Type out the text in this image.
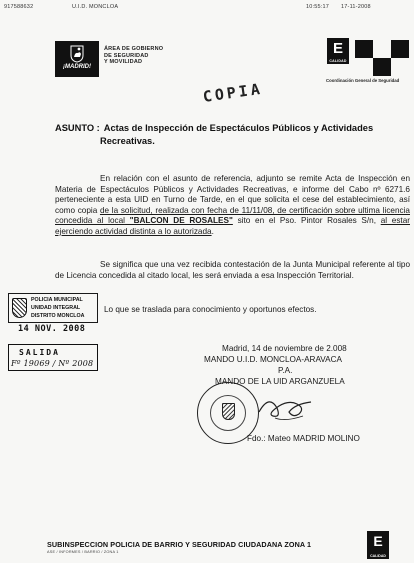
917588632	U.I.D. MONCLOA	10:55:17 17-11-2008
¡MADRID!
ÁREA DE GOBIERNO
DE SEGURIDAD
Y MOVILIDAD
E
CALIDAD
Coordinación General de Seguridad
COPIA
ASUNTO : Actas de Inspección de Espectáculos Públicos y Actividades
Recreativas.
En relación con el asunto de referencia, adjunto se remite Acta de Inspección en Materia de Espectáculos Públicos y Actividades Recreativas, e informe del Cabo nº 6271.6 perteneciente a esta UID en Turno de Tarde, en el que solicita el cese del establecimiento, así como copia de la solicitud, realizada con fecha de 11/11/08, de certificación sobre ultima licencia concedida al local "BALCON DE ROSALES" sito en el Pso. Pintor Rosales S/n, al estar ejerciendo actividad distinta a lo autorizada.
Se significa que una vez recibida contestación de la Junta Municipal referente al tipo de Licencia concedida al citado local, les será enviada a esa Inspección Territorial.
Lo que se traslada para conocimiento y oportunos efectos.
POLICIA MUNICIPAL
UNIDAD INTEGRAL
DISTRITO MONCLOA
14 NOV. 2008
SALIDA
Fº 19069 / Nº 2008
Madrid, 14 de noviembre de 2.008
MANDO U.I.D. MONCLOA-ARAVACA
P.A.
MANDO DE LA UID ARGANZUELA
Fdo.: Mateo MADRID MOLINO
SUBINSPECCION POLICIA DE BARRIO Y SEGURIDAD CIUDADANA ZONA 1
ASE / INFORMES / BARRIO / ZONA 1
E
CALIDAD
